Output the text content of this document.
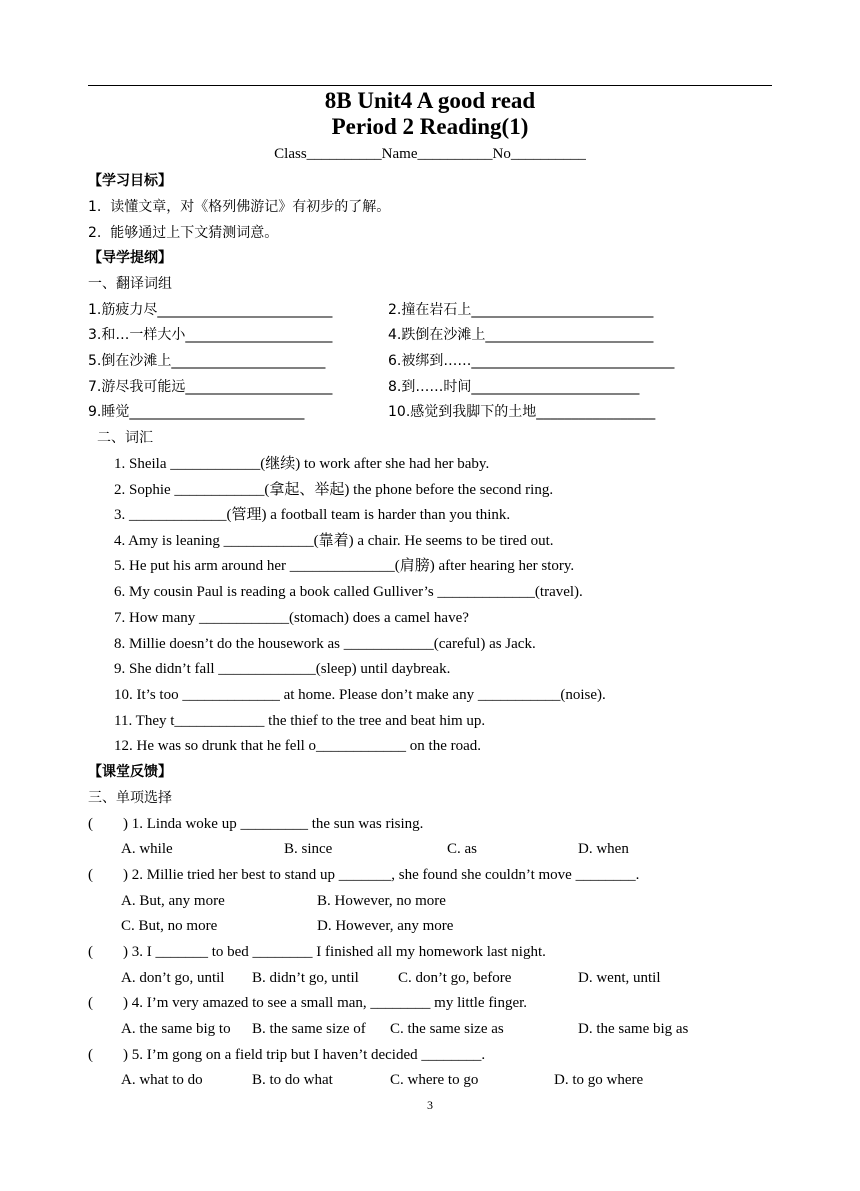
8B Unit4 A good read
Period 2 Reading(1)
Class__________Name__________No__________
【学习目标】
1.  读懂文章，对《格列佛游记》有初步的了解。
2.  能够通过上下文猜测词意。
【导学提纲】
一、翻译词组
1.筋疲力尽_________________________	2.撞在岩石上__________________________
3.和…一样大小_____________________	4.跌倒在沙滩上________________________
5.倒在沙滩上______________________	6.被绑到……_____________________________
7.游尽我可能远_____________________	8.到……时间________________________
9.睡觉_________________________	10.感觉到我脚下的土地_________________
二、词汇
1. Sheila ____________(继续) to work after she had her baby.
2. Sophie ____________(拿起、举起) the phone before the second ring.
3. _____________(管理) a football team is harder than you think.
4. Amy is leaning ____________(靠着) a chair. He seems to be tired out.
5. He put his arm around her ______________(肩膀) after hearing her story.
6. My cousin Paul is reading a book called Gulliver’s _____________(travel).
7. How many ____________(stomach) does a camel have?
8. Millie doesn’t do the housework as ____________(careful) as Jack.
9. She didn’t fall _____________(sleep) until daybreak.
10. It’s too _____________ at home. Please don’t make any ___________(noise).
11. They t____________ the thief to the tree and beat him up.
12. He was so drunk that he fell o____________ on the road.
【课堂反馈】
三、单项选择
(        ) 1. Linda woke up _________ the sun was rising.
A. while	B. since	C. as	D. when
(        ) 2. Millie tried her best to stand up _______, she found she couldn’t move ________.
A. But, any more	B. However, no more
C. But, no more	D. However, any more
(        ) 3. I _______ to bed ________ I finished all my homework last night.
A. don’t go, until B. didn’t go, until	C. don’t go, before	D. went, until
(        ) 4. I’m very amazed to see a small man, ________ my little finger.
A. the same big to B. the same size of C. the same size as	D. the same big as
(        ) 5. I’m gong on a field trip but I haven’t decided ________.
A. what to do	B. to do what	C. where to go	D. to go where
3
